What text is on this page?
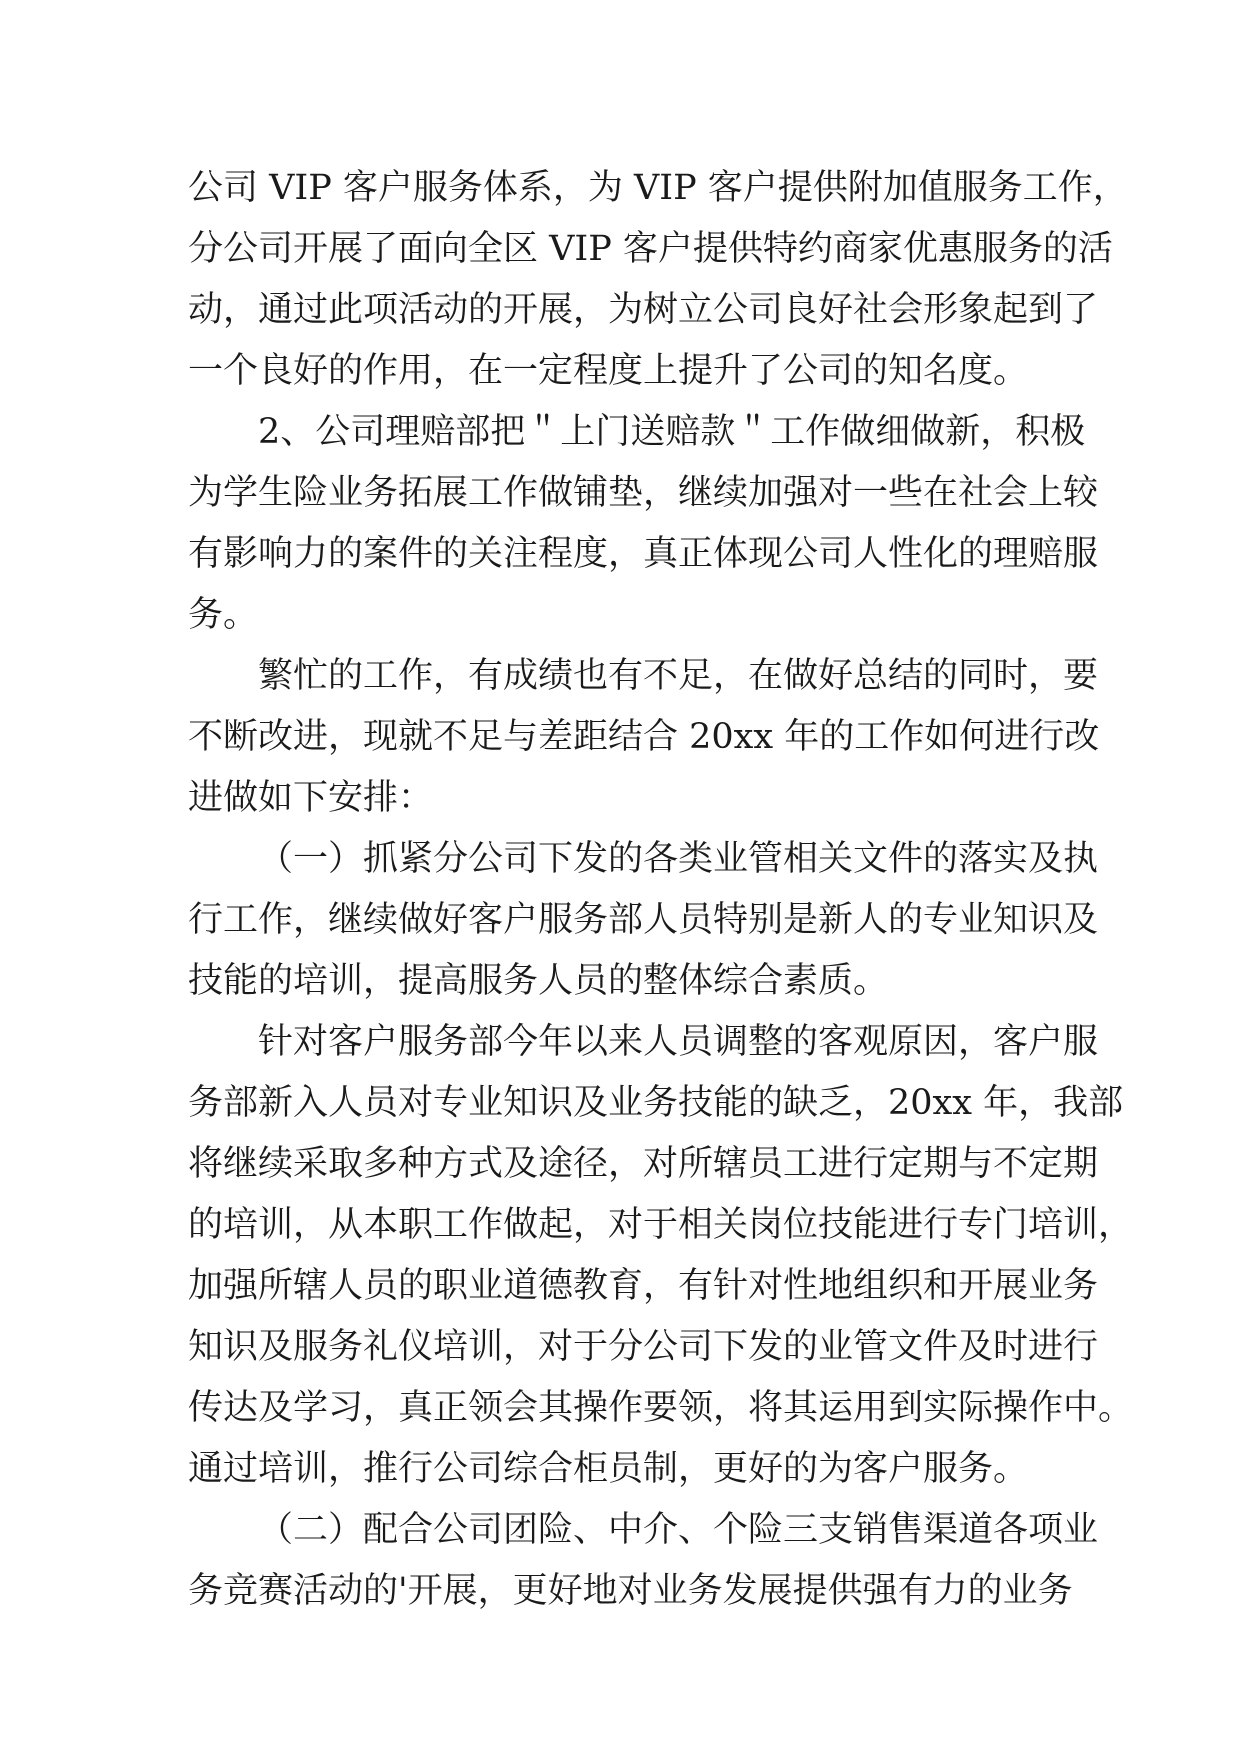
公司 VIP 客户服务体系，为 VIP 客户提供附加值服务工作，
分公司开展了面向全区 VIP 客户提供特约商家优惠服务的活
动，通过此项活动的开展，为树立公司良好社会形象起到了
一个良好的作用，在一定程度上提升了公司的知名度。
2、公司理赔部把＂上门送赔款＂工作做细做新，积极
为学生险业务拓展工作做铺垫，继续加强对一些在社会上较
有影响力的案件的关注程度，真正体现公司人性化的理赔服
务。
繁忙的工作，有成绩也有不足，在做好总结的同时，要
不断改进，现就不足与差距结合 20xx 年的工作如何进行改
进做如下安排：
（一）抓紧分公司下发的各类业管相关文件的落实及执
行工作，继续做好客户服务部人员特别是新人的专业知识及
技能的培训，提高服务人员的整体综合素质。
针对客户服务部今年以来人员调整的客观原因，客户服
务部新入人员对专业知识及业务技能的缺乏，20xx 年，我部
将继续采取多种方式及途径，对所辖员工进行定期与不定期
的培训，从本职工作做起，对于相关岗位技能进行专门培训，
加强所辖人员的职业道德教育，有针对性地组织和开展业务
知识及服务礼仪培训，对于分公司下发的业管文件及时进行
传达及学习，真正领会其操作要领，将其运用到实际操作中。
通过培训，推行公司综合柜员制，更好的为客户服务。
（二）配合公司团险、中介、个险三支销售渠道各项业
务竞赛活动的'开展，更好地对业务发展提供强有力的业务
